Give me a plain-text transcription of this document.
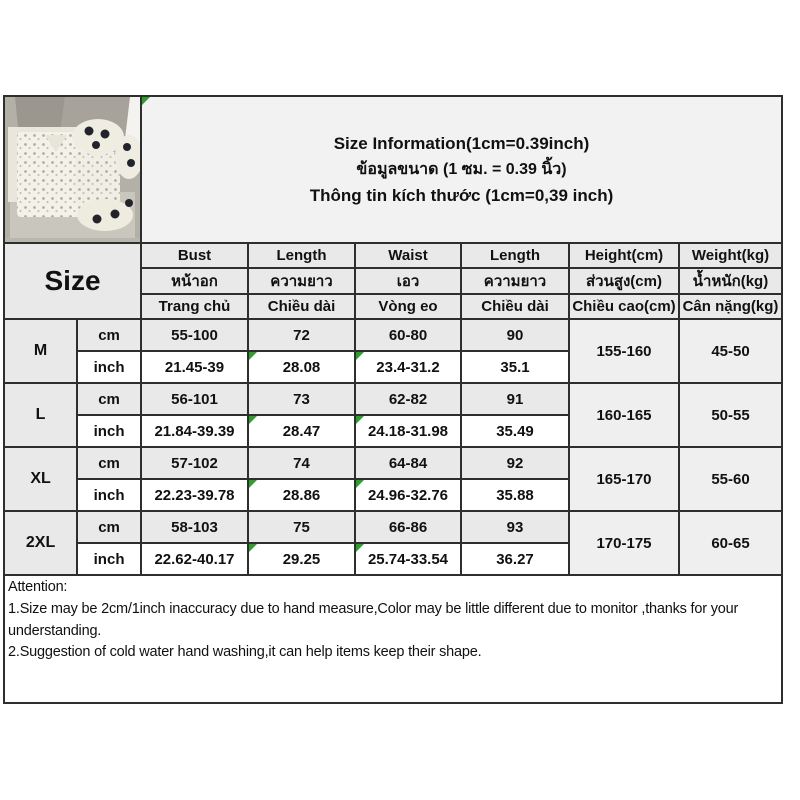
Size Information(1cm=0.39inch)
ข้อมูลขนาด (1 ซม. = 0.39 นิ้ว)
Thông tin kích thước (1cm=0,39 inch)					

Size		Bust	Length	Waist	Length	Height(cm)	Weight(kg)
		หน้าอก	ความยาว	เอว	ความยาว	ส่วนสูง(cm)	น้ำหนัก(kg)
		Trang chủ	Chiều dài	Vòng eo	Chiều dài	Chiều cao(cm)	Cân nặng(kg)
M	cm	55-100	72	60-80	90	155-160	45-50
	inch	21.45-39	28.08	23.4-31.2	35.1		
L	cm	56-101	73	62-82	91	160-165	50-55
	inch	21.84-39.39	28.47	24.18-31.98	35.49		
XL	cm	57-102	74	64-84	92	165-170	55-60
	inch	22.23-39.78	28.86	24.96-32.76	35.88		
2XL	cm	58-103	75	66-86	93	170-175	60-65
	inch	22.62-40.17	29.25	25.74-33.54	36.27		

Attention:
1.Size may be 2cm/1inch inaccuracy due to hand measure,Color may be little different due to monitor ,thanks for your understanding.
2.Suggestion of cold water hand washing,it can help items keep their shape.							
